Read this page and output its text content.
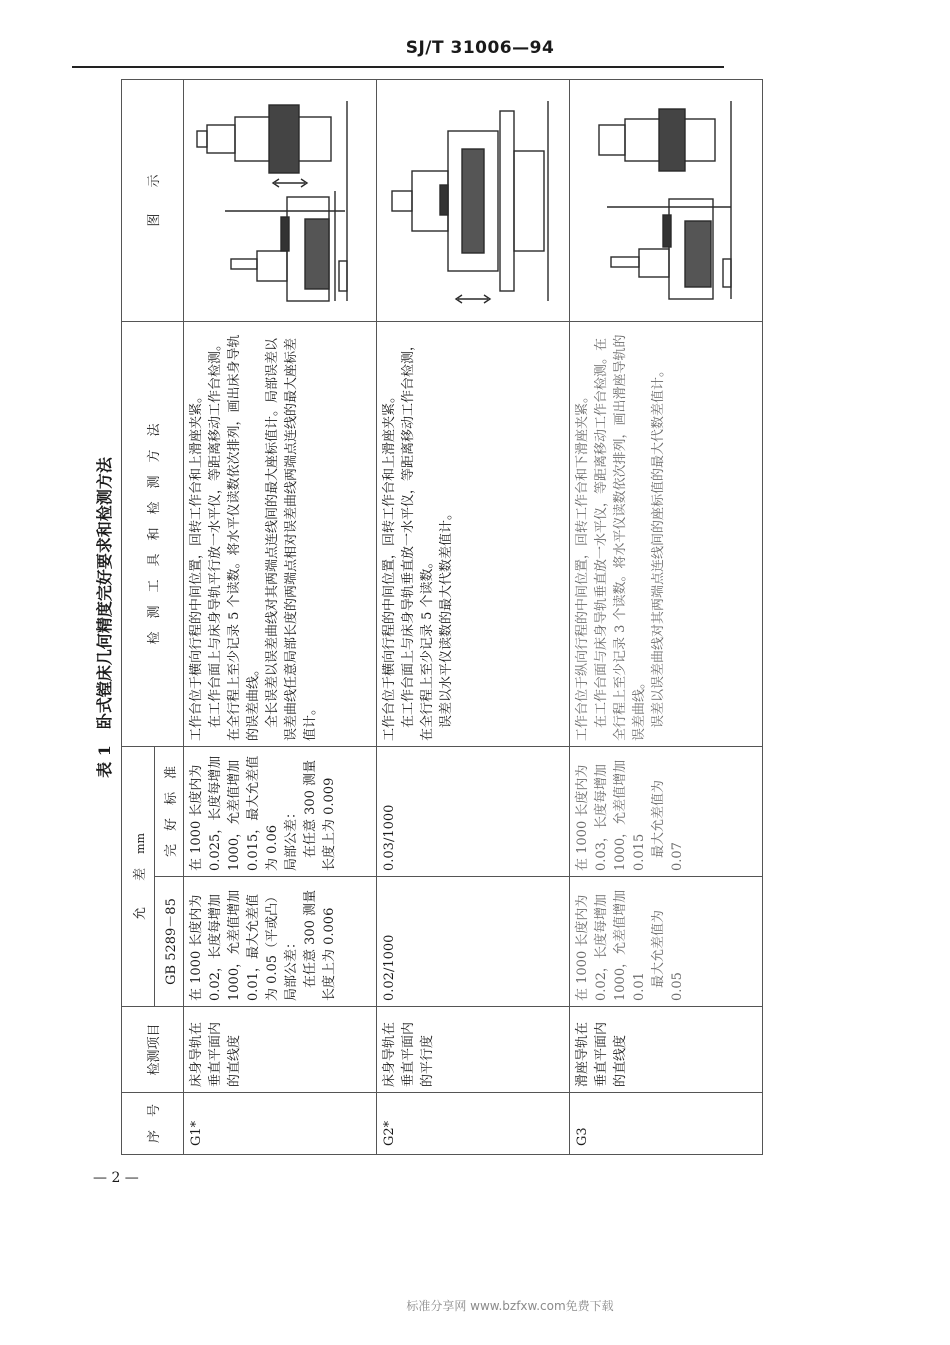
SJ/T 31006—94
表 1卧式镗床几何精度完好要求和检测方法
序　号	检测项目	允　　差mm		检　测　工　具　和　检　测　方　法	图　　示
		GB 5289－85	完　好　标　准		
G1*	床身导轨在垂直平面内的直线度	在 1000 长度内为 0.02，长度每增加 1000，允差值增加 0.01，最大允差值为 0.05（平或凸）
局部公差：
　在任意 300 测量长度上为 0.006	在 1000 长度内为 0.025，长度每增加 1000，允差值增加 0.015，最大允差值为 0.06
局部公差：
　在任意 300 测量长度上为 0.009	工作台位于横向行程的中间位置，回转工作台和上滑座夹紧。
　在工作台面上与床身导轨平行放一水平仪，等距离移动工作台检测。在全行程上至少记录 5 个读数。将水平仪读数依次排列，画出床身导轨的误差曲线。
　全长误差以误差曲线对其两端点连线间的最大座标值计。局部误差以误差曲线任意局部长度的两端点相对误差曲线两端点连线的最大座标差值计。	

G2*	床身导轨在垂直平面内的平行度	0.02/1000	0.03/1000	工作台位于横向行程的中间位置，回转工作台和上滑座夹紧。
　在工作台面上与床身导轨垂直放一水平仪，等距离移动工作台检测，在全行程上至少记录 5 个读数。
　误差以水平仪读数的最大代数差值计。	

G3	滑座导轨在垂直平面内的直线度	在 1000 长度内为 0.02，长度每增加 1000，允差值增加 0.01
　最大允差值为 0.05	在 1000 长度内为 0.03，长度每增加 1000，允差值增加 0.015
　最大允差值为 0.07	工作台位于纵向行程的中间位置，回转工作台和下滑座夹紧。
　在工作台面与床身导轨垂直放一水平仪，等距离移动工作台检测。在全行程上至少记录 3 个读数。将水平仪读数依次排列，画出滑座导轨的误差曲线。
　误差以误差曲线对其两端点连线间的座标值的最大代数差值计。	
— 2 —
标准分享网 www.bzfxw.com免费下载
